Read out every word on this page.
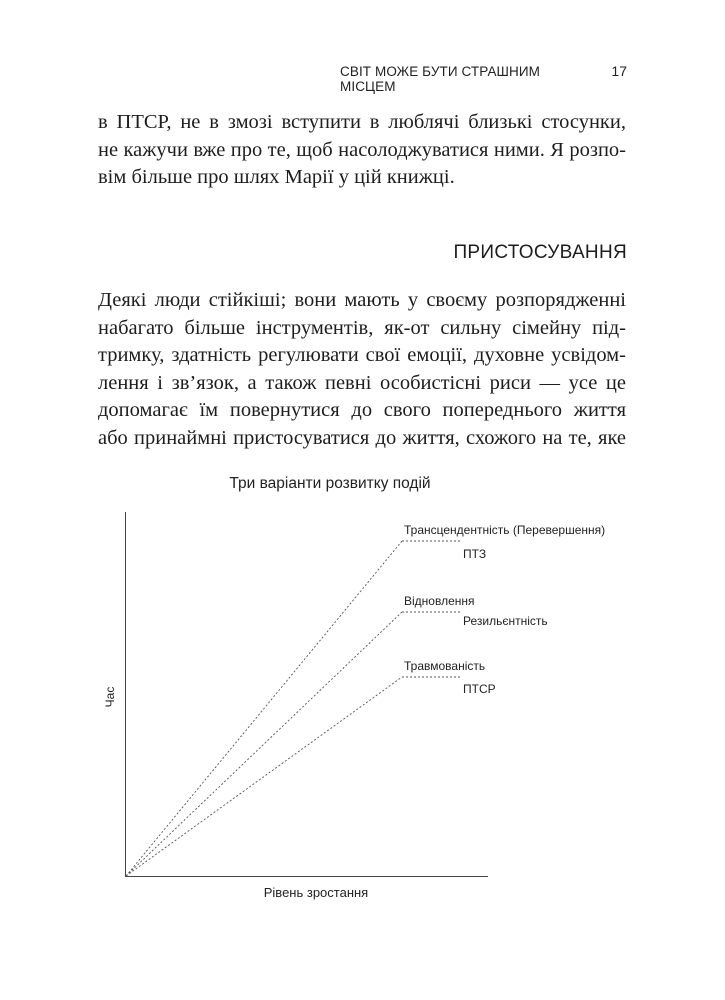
СВІТ МОЖЕ БУТИ СТРАШНИМ МІСЦЕМ
17

в ПТСР, не в змозі вступити в люблячі близькі стосунки,

не кажучи вже про те, щоб насолоджуватися ними. Я розпо-

вім більше про шлях Марії у цій книжці.

ПРИСТОСУВАННЯ

Деякі люди стійкіші; вони мають у своєму розпорядженні

набагато більше інструментів, як-от сильну сімейну під-

тримку, здатність регулювати свої емоції, духовне усвідом-

лення і зв’язок, а також певні особистісні риси — усе це

допомагає їм повернутися до свого попереднього життя

або принаймні пристосуватися до життя, схожого на те, яке

Три варіанти розвитку подій
Час
Рівень зростання
Трансцендентність (Перевершення)
ПТЗ
Відновлення
Резильєнтність
Травмованість
ПТСР
